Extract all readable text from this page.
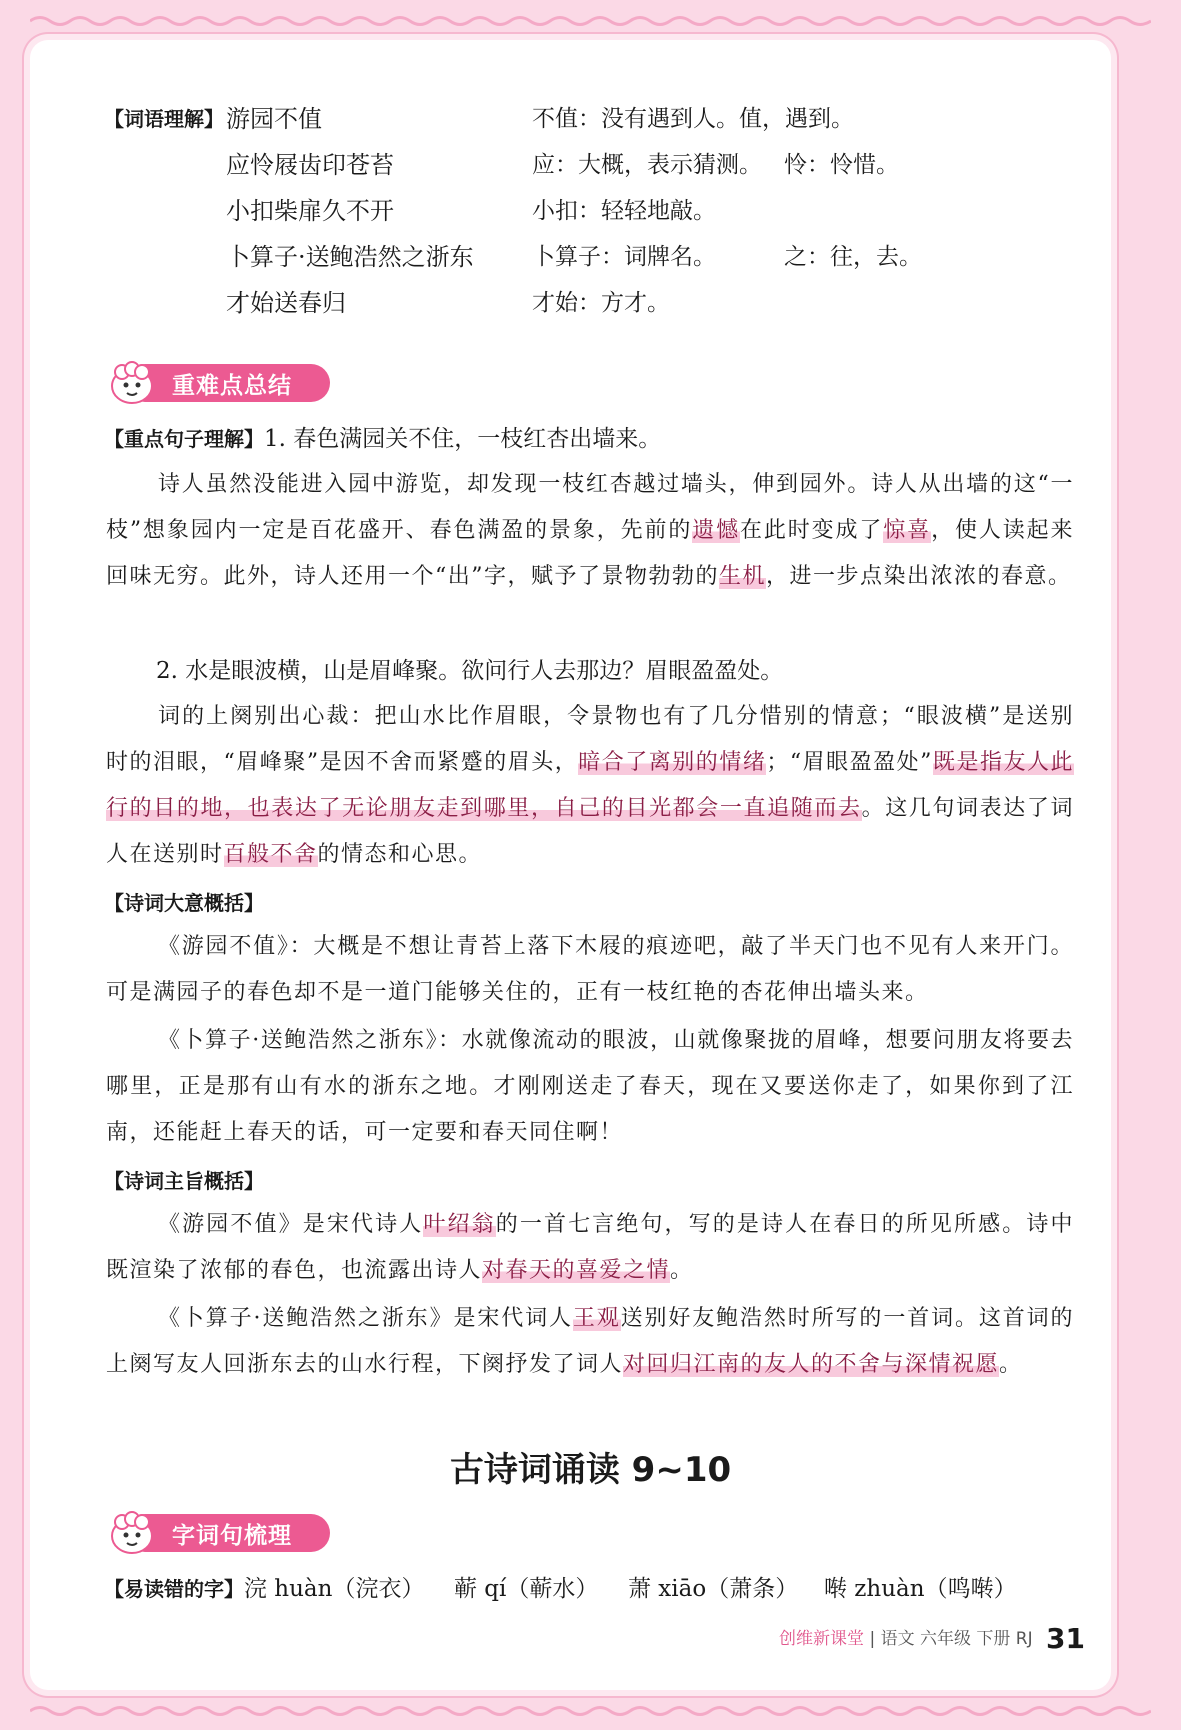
【词语理解】 游园不值	不值：没有遇到人。值，遇到。
应怜屐齿印苍苔	应：大概，表示猜测。 怜：怜惜。
小扣柴扉久不开	小扣：轻轻地敲。
卜算子·送鲍浩然之浙东	卜算子：词牌名。	之：往，去。
才始送春归	才始：方才。
重难点总结
【重点句子理解】1. 春色满园关不住，一枝红杏出墙来。
诗人虽然没能进入园中游览，却发现一枝红杏越过墙头，伸到园外。诗人从出墙的这“一枝”想象园内一定是百花盛开、春色满盈的景象，先前的遗憾在此时变成了惊喜，使人读起来回味无穷。此外，诗人还用一个“出”字，赋予了景物勃勃的生机，进一步点染出浓浓的春意。
2. 水是眼波横，山是眉峰聚。欲问行人去那边？眉眼盈盈处。
词的上阕别出心裁：把山水比作眉眼，令景物也有了几分惜别的情意；“眼波横”是送别时的泪眼，“眉峰聚”是因不舍而紧蹙的眉头，暗合了离别的情绪；“眉眼盈盈处”既是指友人此行的目的地，也表达了无论朋友走到哪里，自己的目光都会一直追随而去。这几句词表达了词人在送别时百般不舍的情态和心思。
【诗词大意概括】
《游园不值》：大概是不想让青苔上落下木屐的痕迹吧，敲了半天门也不见有人来开门。可是满园子的春色却不是一道门能够关住的，正有一枝红艳的杏花伸出墙头来。
《卜算子·送鲍浩然之浙东》：水就像流动的眼波，山就像聚拢的眉峰，想要问朋友将要去哪里，正是那有山有水的浙东之地。才刚刚送走了春天，现在又要送你走了，如果你到了江南，还能赶上春天的话，可一定要和春天同住啊！
【诗词主旨概括】
《游园不值》是宋代诗人叶绍翁的一首七言绝句，写的是诗人在春日的所见所感。诗中既渲染了浓郁的春色，也流露出诗人对春天的喜爱之情。
《卜算子·送鲍浩然之浙东》是宋代词人王观送别好友鲍浩然时所写的一首词。这首词的上阕写友人回浙东去的山水行程，下阕抒发了词人对回归江南的友人的不舍与深情祝愿。
古诗词诵读 9~10
字词句梳理
【易读错的字】浣 huàn（浣衣） 蕲 qí（蕲水） 萧 xiāo（萧条） 啭 zhuàn（鸣啭）
创维新课堂 | 语文 六年级 下册 RJ 31
